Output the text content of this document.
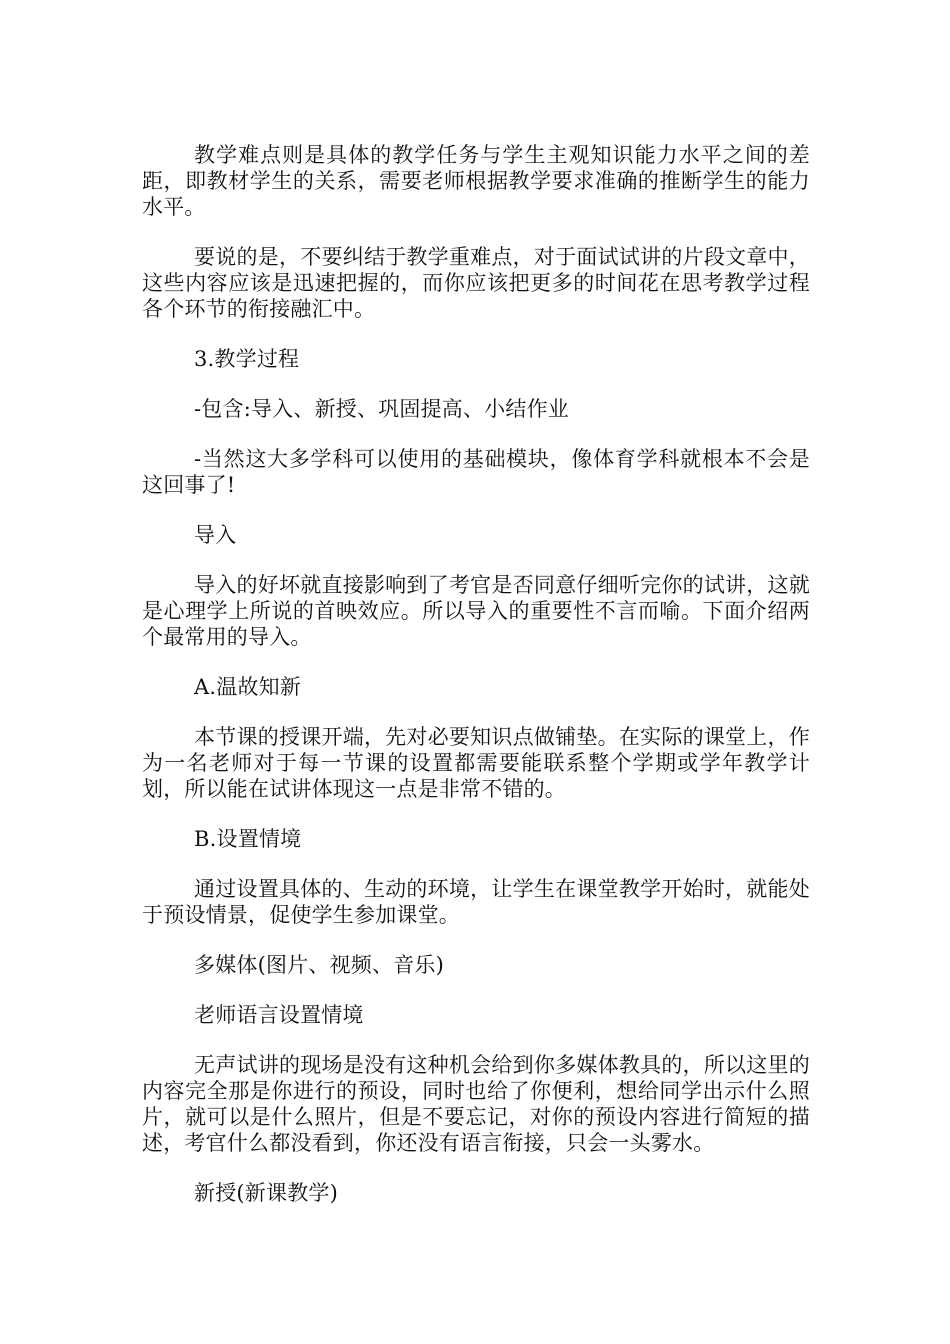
教学难点则是具体的教学任务与学生主观知识能力水平之间的差距，即教材学生的关系，需要老师根据教学要求准确的推断学生的能力水平。

要说的是，不要纠结于教学重难点，对于面试试讲的片段文章中，这些内容应该是迅速把握的，而你应该把更多的时间花在思考教学过程各个环节的衔接融汇中。

3.教学过程

-包含:导入、新授、巩固提高、小结作业

-当然这大多学科可以使用的基础模块，像体育学科就根本不会是这回事了!

导入

导入的好坏就直接影响到了考官是否同意仔细听完你的试讲，这就是心理学上所说的首映效应。所以导入的重要性不言而喻。下面介绍两个最常用的导入。

A.温故知新

本节课的授课开端，先对必要知识点做铺垫。在实际的课堂上，作为一名老师对于每一节课的设置都需要能联系整个学期或学年教学计划，所以能在试讲体现这一点是非常不错的。

B.设置情境

通过设置具体的、生动的环境，让学生在课堂教学开始时，就能处于预设情景，促使学生参加课堂。

多媒体(图片、视频、音乐)

老师语言设置情境

无声试讲的现场是没有这种机会给到你多媒体教具的，所以这里的内容完全那是你进行的预设，同时也给了你便利，想给同学出示什么照片，就可以是什么照片，但是不要忘记，对你的预设内容进行简短的描述，考官什么都没看到，你还没有语言衔接，只会一头雾水。

新授(新课教学)
